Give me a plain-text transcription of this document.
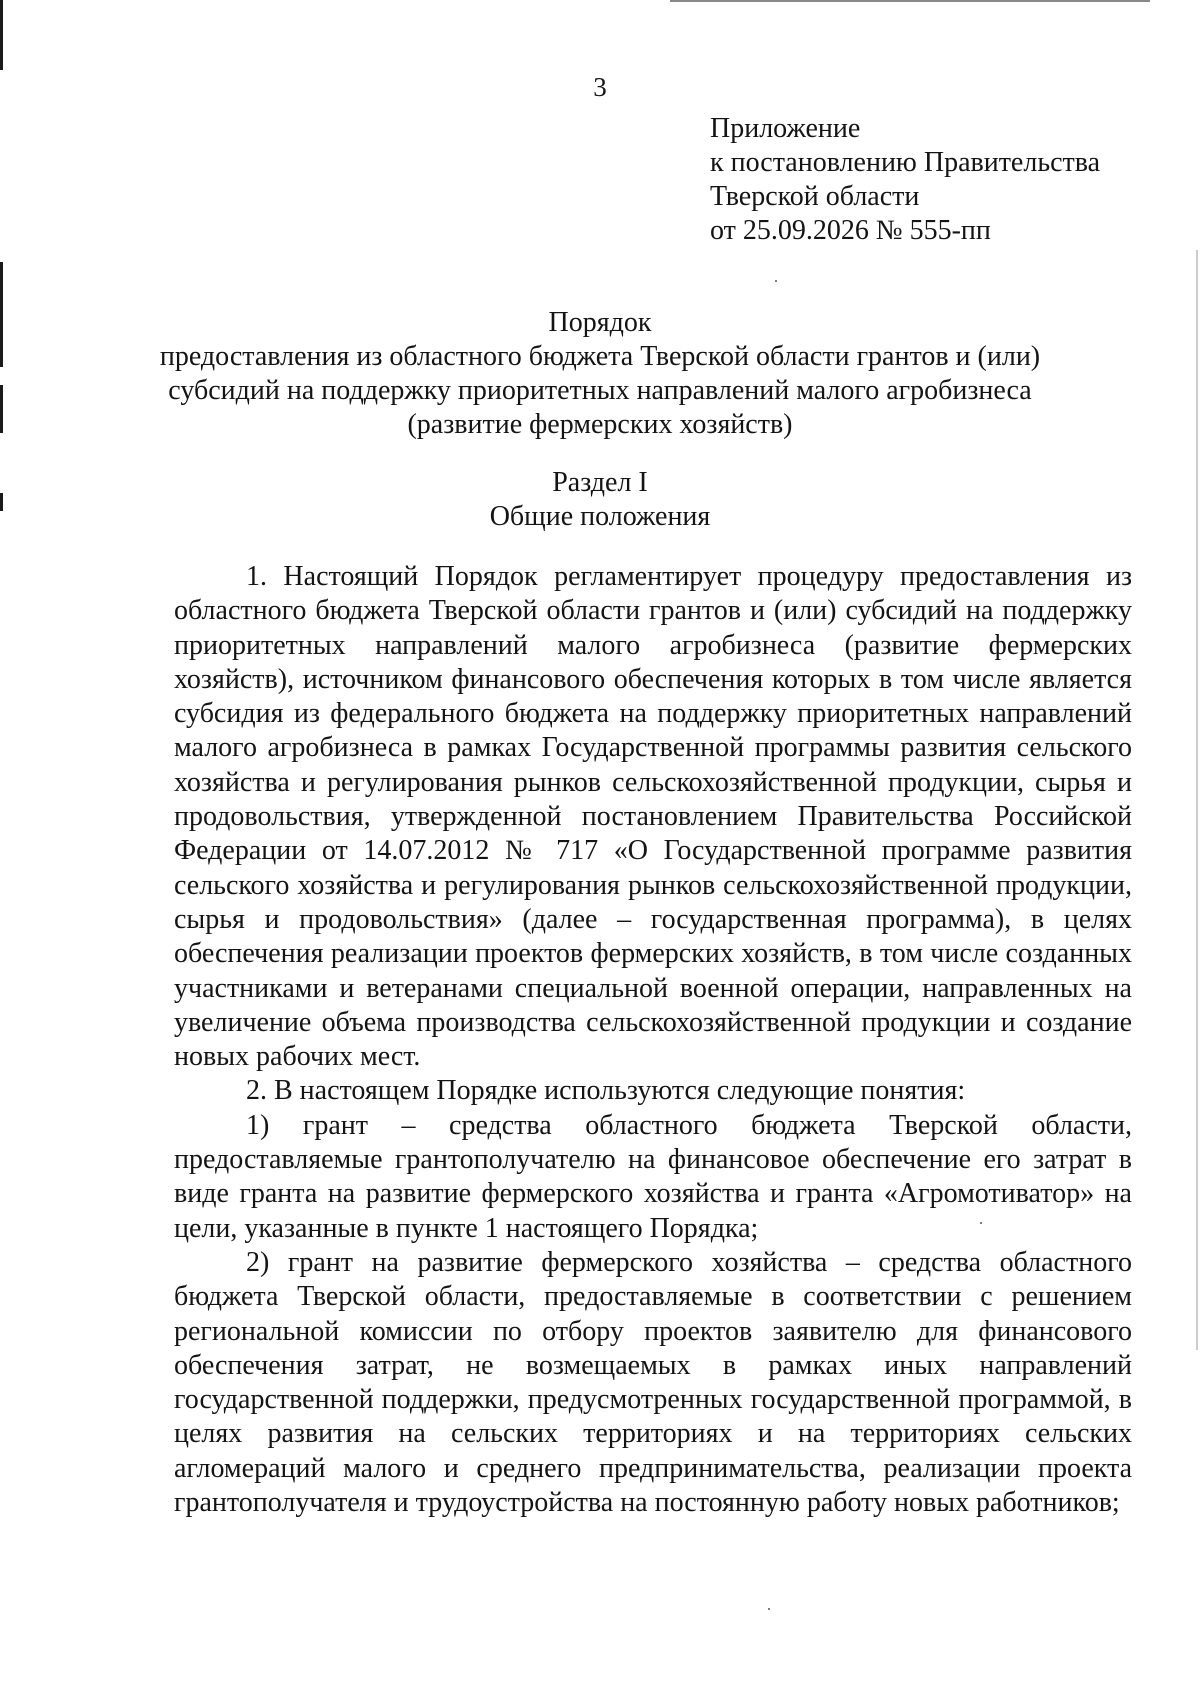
3
Приложение
к постановлению Правительства
Тверской области
от 25.09.2026 № 555-пп
Порядок
предоставления из областного бюджета Тверской области грантов и (или)
субсидий на поддержку приоритетных направлений малого агробизнеса
(развитие фермерских хозяйств)
Раздел I
Общие положения

1. Настоящий Порядок регламентирует процедуру предоставления из областного бюджета Тверской области грантов и (или) субсидий на поддержку приоритетных направлений малого агробизнеса (развитие фермерских хозяйств), источником финансового обеспечения которых в том числе является субсидия из федерального бюджета на поддержку приоритетных направлений малого агробизнеса в рамках Государственной программы развития сельского хозяйства и регулирования рынков сельскохозяйственной продукции, сырья и продовольствия, утвержденной постановлением Правительства Российской Федерации от 14.07.2012 № 717 «О Государственной программе развития сельского хозяйства и регулирования рынков сельскохозяйственной продукции, сырья и продовольствия» (далее – государственная программа), в целях обеспечения реализации проектов фермерских хозяйств, в том числе созданных участниками и ветеранами специальной военной операции, направленных на увеличение объема производства сельскохозяйственной продукции и создание новых рабочих мест.

2. В настоящем Порядке используются следующие понятия:

1) грант – средства областного бюджета Тверской области, предоставляемые грантополучателю на финансовое обеспечение его затрат в виде гранта на развитие фермерского хозяйства и гранта «Агромотиватор» на цели, указанные в пункте 1 настоящего Порядка;

2) грант на развитие фермерского хозяйства – средства областного бюджета Тверской области, предоставляемые в соответствии с решением региональной комиссии по отбору проектов заявителю для финансового обеспечения затрат, не возмещаемых в рамках иных направлений государственной поддержки, предусмотренных государственной программой, в целях развития на сельских территориях и на территориях сельских агломераций малого и среднего предпринимательства, реализации проекта грантополучателя и трудоустройства на постоянную работу новых работников;
